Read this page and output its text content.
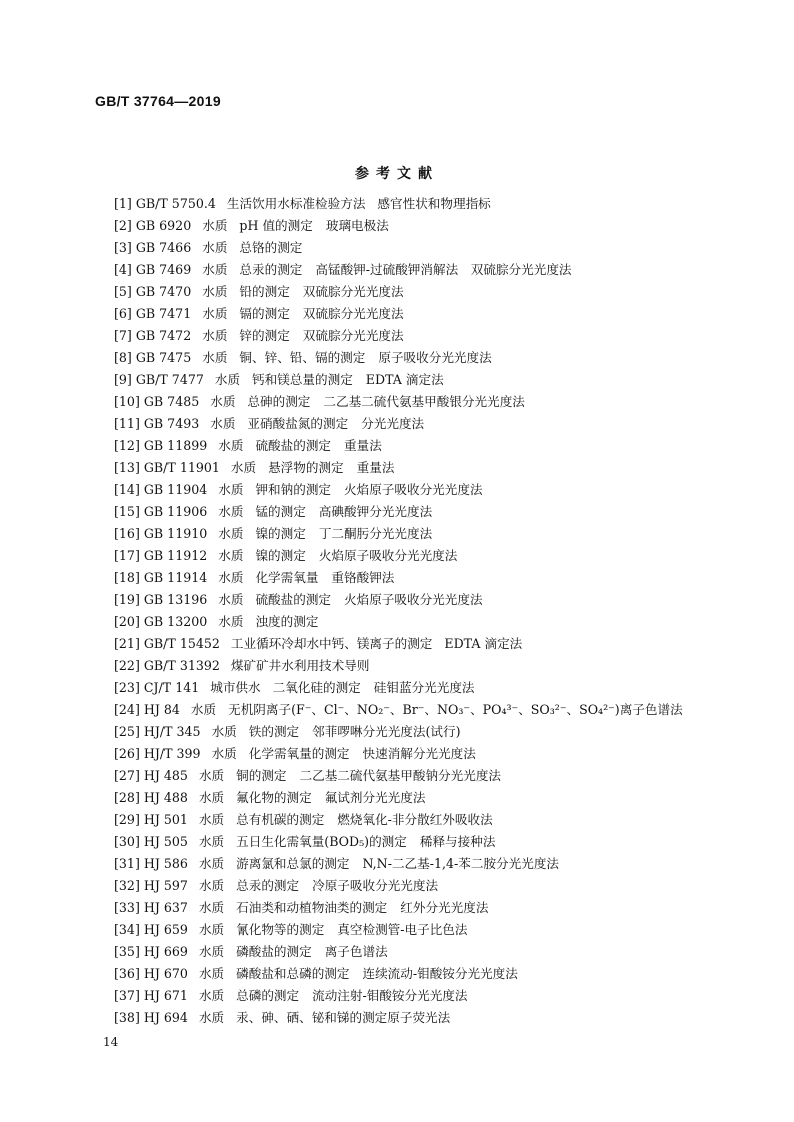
GB/T 37764—2019
参考文献
[1] GB/T 5750.4 生活饮用水标准检验方法 感官性状和物理指标
[2] GB 6920 水质 pH 值的测定 玻璃电极法
[3] GB 7466 水质 总铬的测定
[4] GB 7469 水质 总汞的测定 高锰酸钾-过硫酸钾消解法　双硫腙分光光度法
[5] GB 7470 水质 铅的测定 双硫腙分光光度法
[6] GB 7471 水质 镉的测定 双硫腙分光光度法
[7] GB 7472 水质 锌的测定 双硫腙分光光度法
[8] GB 7475 水质 铜、锌、铅、镉的测定 原子吸收分光光度法
[9] GB/T 7477 水质 钙和镁总量的测定 EDTA 滴定法
[10] GB 7485 水质 总砷的测定 二乙基二硫代氨基甲酸银分光光度法
[11] GB 7493 水质 亚硝酸盐氮的测定 分光光度法
[12] GB 11899 水质 硫酸盐的测定 重量法
[13] GB/T 11901 水质 悬浮物的测定 重量法
[14] GB 11904 水质 钾和钠的测定 火焰原子吸收分光光度法
[15] GB 11906 水质 锰的测定 高碘酸钾分光光度法
[16] GB 11910 水质 镍的测定 丁二酮肟分光光度法
[17] GB 11912 水质 镍的测定 火焰原子吸收分光光度法
[18] GB 11914 水质 化学需氧量 重铬酸钾法
[19] GB 13196 水质 硫酸盐的测定 火焰原子吸收分光光度法
[20] GB 13200 水质 浊度的测定
[21] GB/T 15452 工业循环冷却水中钙、镁离子的测定 EDTA 滴定法
[22] GB/T 31392 煤矿矿井水利用技术导则
[23] CJ/T 141 城市供水 二氧化硅的测定 硅钼蓝分光光度法
[24] HJ 84 水质 无机阴离子(F⁻、Cl⁻、NO₂⁻、Br⁻、NO₃⁻、PO₄³⁻、SO₃²⁻、SO₄²⁻)离子色谱法
[25] HJ/T 345 水质 铁的测定 邻菲啰啉分光光度法(试行)
[26] HJ/T 399 水质 化学需氧量的测定 快速消解分光光度法
[27] HJ 485 水质 铜的测定 二乙基二硫代氨基甲酸钠分光光度法
[28] HJ 488 水质 氟化物的测定 氟试剂分光光度法
[29] HJ 501 水质 总有机碳的测定 燃烧氧化-非分散红外吸收法
[30] HJ 505 水质 五日生化需氧量(BOD₅)的测定 稀释与接种法
[31] HJ 586 水质 游离氯和总氯的测定 N,N-二乙基-1,4-苯二胺分光光度法
[32] HJ 597 水质 总汞的测定 冷原子吸收分光光度法
[33] HJ 637 水质 石油类和动植物油类的测定 红外分光光度法
[34] HJ 659 水质 氰化物等的测定 真空检测管-电子比色法
[35] HJ 669 水质 磷酸盐的测定 离子色谱法
[36] HJ 670 水质 磷酸盐和总磷的测定 连续流动-钼酸铵分光光度法
[37] HJ 671 水质 总磷的测定 流动注射-钼酸铵分光光度法
[38] HJ 694 水质 汞、砷、硒、铋和锑的测定原子荧光法
14
